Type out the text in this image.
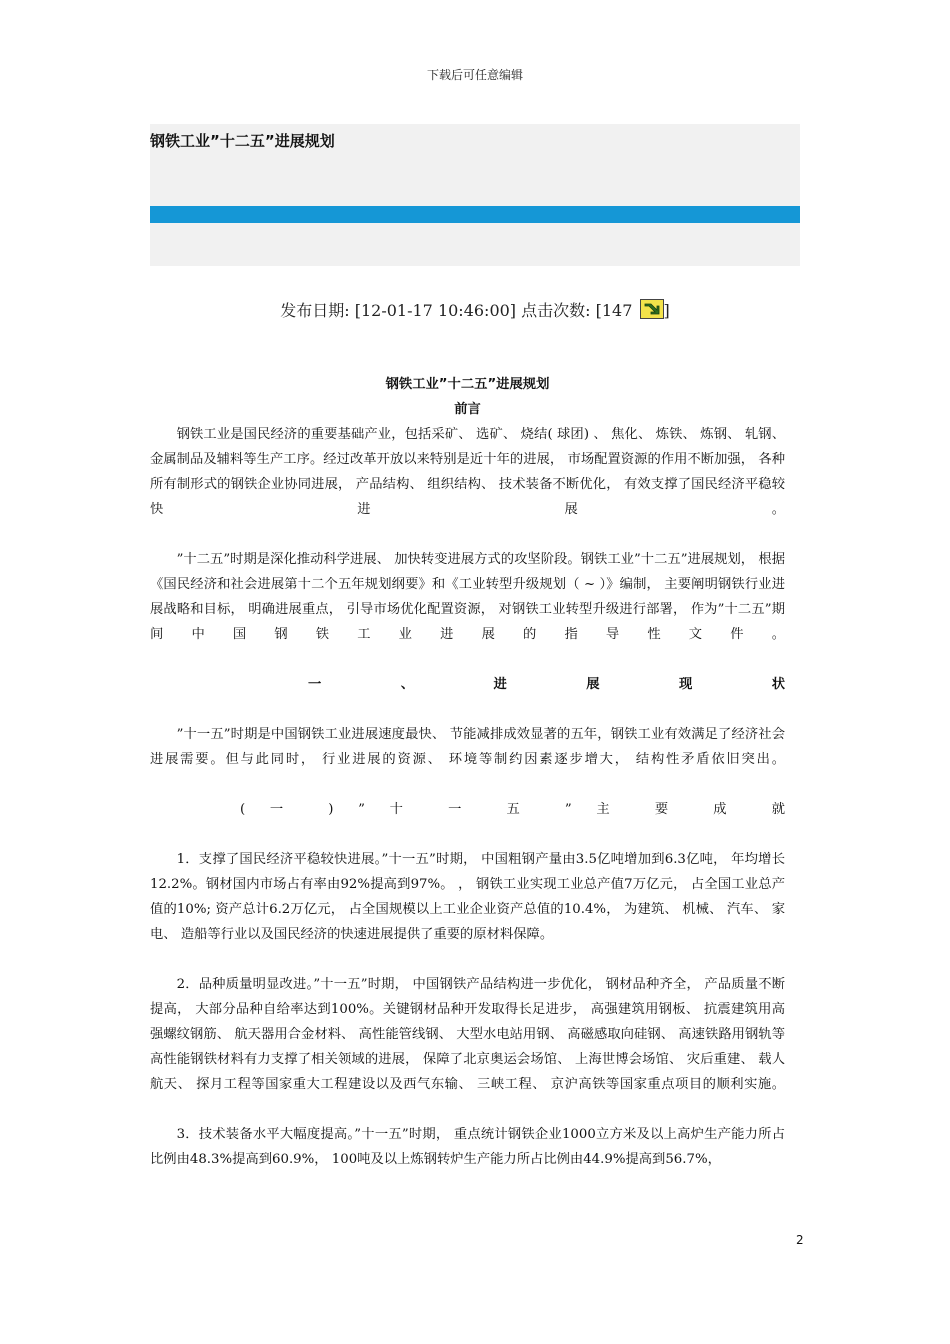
下载后可任意编辑
钢铁工业”十二五”进展规划
发布日期: [12-01-17 10:46:00] 点击次数: [147 ]

钢铁工业”十二五”进展规划

前言

钢铁工业是国民经济的重要基础产业，包括采矿、 选矿、 烧结( 球团) 、 焦化、 炼铁、 炼钢、 轧钢、 金属制品及辅料等生产工序。经过改革开放以来特别是近十年的进展， 市场配置资源的作用不断加强， 各种所有制形式的钢铁企业协同进展， 产品结构、 组织结构、 技术装备不断优化， 有效支撑了国民经济平稳较快进展。

”十二五”时期是深化推动科学进展、 加快转变进展方式的攻坚阶段。钢铁工业”十二五”进展规划， 根据《国民经济和社会进展第十二个五年规划纲要》和《工业转型升级规划（ ~ ）》编制， 主要阐明钢铁行业进展战略和目标， 明确进展重点， 引导市场优化配置资源， 对钢铁工业转型升级进行部署， 作为”十二五”期间中国钢铁工业进展的指导性文件。

一 、 进 展 现 状

”十一五”时期是中国钢铁工业进展速度最快、 节能减排成效显著的五年，钢铁工业有效满足了经济社会进展需要。但与此同时， 行业进展的资源、 环境等制约因素逐步增大， 结构性矛盾依旧突出。

( 一 ) ” 十 一 五 ” 主 要 成 就

1．支撑了国民经济平稳较快进展。”十一五”时期， 中国粗钢产量由3.5亿吨增加到6.3亿吨， 年均增长12.2%。钢材国内市场占有率由92%提高到97%。 ， 钢铁工业实现工业总产值7万亿元， 占全国工业总产值的10%; 资产总计6.2万亿元， 占全国规模以上工业企业资产总值的10.4%， 为建筑、 机械、 汽车、 家电、 造船等行业以及国民经济的快速进展提供了重要的原材料保障。

2．品种质量明显改进。”十一五”时期， 中国钢铁产品结构进一步优化， 钢材品种齐全， 产品质量不断提高， 大部分品种自给率达到100%。关键钢材品种开发取得长足进步， 高强建筑用钢板、 抗震建筑用高强螺纹钢筋、 航天器用合金材料、 高性能管线钢、 大型水电站用钢、 高磁感取向硅钢、 高速铁路用钢轨等高性能钢铁材料有力支撑了相关领域的进展， 保障了北京奥运会场馆、 上海世博会场馆、 灾后重建、 载人航天、 探月工程等国家重大工程建设以及西气东输、 三峡工程、 京沪高铁等国家重点项目的顺利实施。

3．技术装备水平大幅度提高。”十一五”时期， 重点统计钢铁企业1000立方米及以上高炉生产能力所占比例由48.3%提高到60.9%， 100吨及以上炼钢转炉生产能力所占比例由44.9%提高到56.7%，

2
